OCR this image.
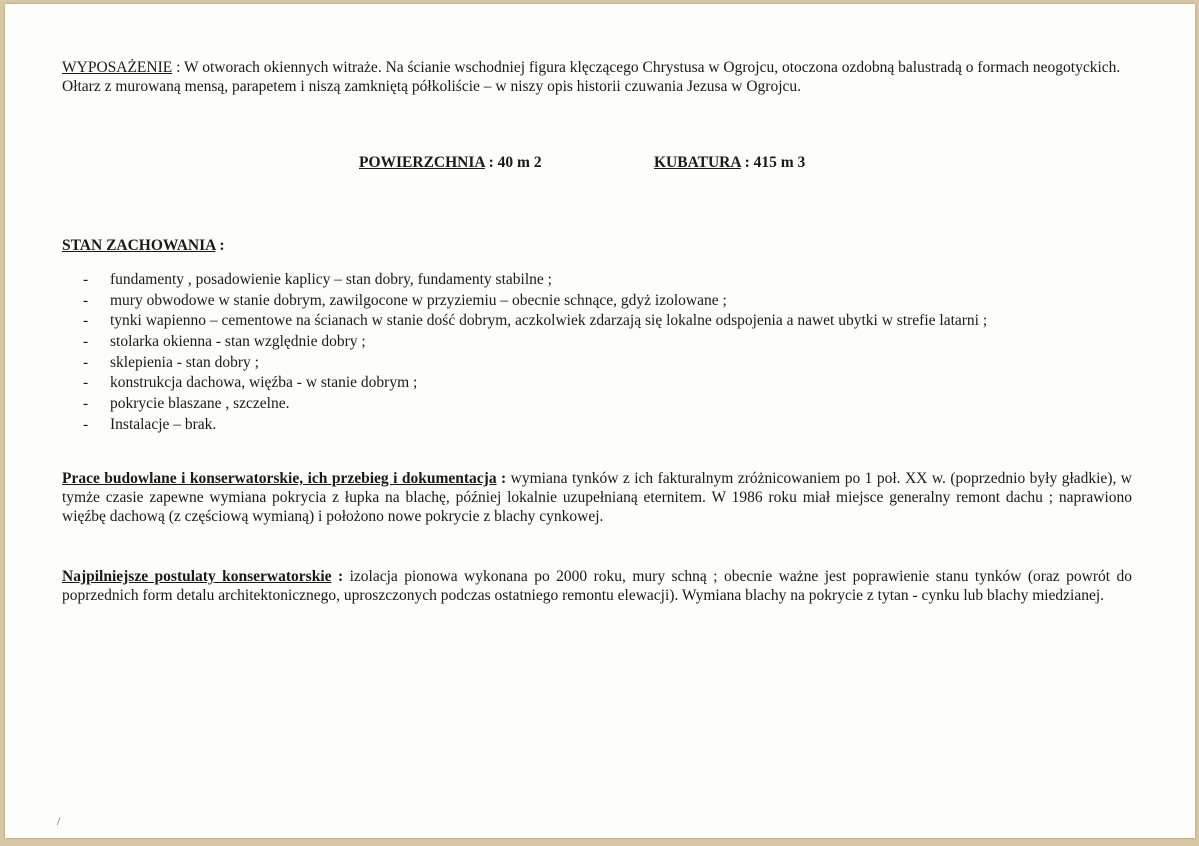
WYPOSAŻENIE : W otworach okiennych witraże. Na ścianie wschodniej figura klęczącego Chrystusa w Ogrojcu, otoczona ozdobną balustradą o formach neogotyckich. Ołtarz z murowaną mensą, parapetem i niszą zamkniętą półkoliście – w niszy opis historii czuwania Jezusa w Ogrojcu.
POWIERZCHNIA : 40 m 2	KUBATURA : 415 m 3
STAN ZACHOWANIA :
- fundamenty , posadowienie kaplicy – stan dobry, fundamenty stabilne ;
- mury obwodowe w stanie dobrym, zawilgocone w przyziemiu – obecnie schnące, gdyż izolowane ;
- tynki wapienno – cementowe na ścianach w stanie dość dobrym, aczkolwiek zdarzają się lokalne odspojenia a nawet ubytki w strefie latarni ;
- stolarka okienna - stan względnie dobry ;
- sklepienia - stan dobry ;
- konstrukcja dachowa, więźba - w stanie dobrym ;
- pokrycie blaszane , szczelne.
- Instalacje – brak.
Prace budowlane i konserwatorskie, ich przebieg i dokumentacja : wymiana tynków z ich fakturalnym zróżnicowaniem po 1 poł. XX w. (poprzednio były gładkie), w tymże czasie zapewne wymiana pokrycia z łupka na blachę, później lokalnie uzupełnianą eternitem. W 1986 roku miał miejsce generalny remont dachu ; naprawiono więźbę dachową (z częściową wymianą) i położono nowe pokrycie z blachy cynkowej.
Najpilniejsze postulaty konserwatorskie : izolacja pionowa wykonana po 2000 roku, mury schną ; obecnie ważne jest poprawienie stanu tynków (oraz powrót do poprzednich form detalu architektonicznego, uproszczonych podczas ostatniego remontu elewacji). Wymiana blachy na pokrycie z tytan - cynku lub blachy miedzianej.
/
